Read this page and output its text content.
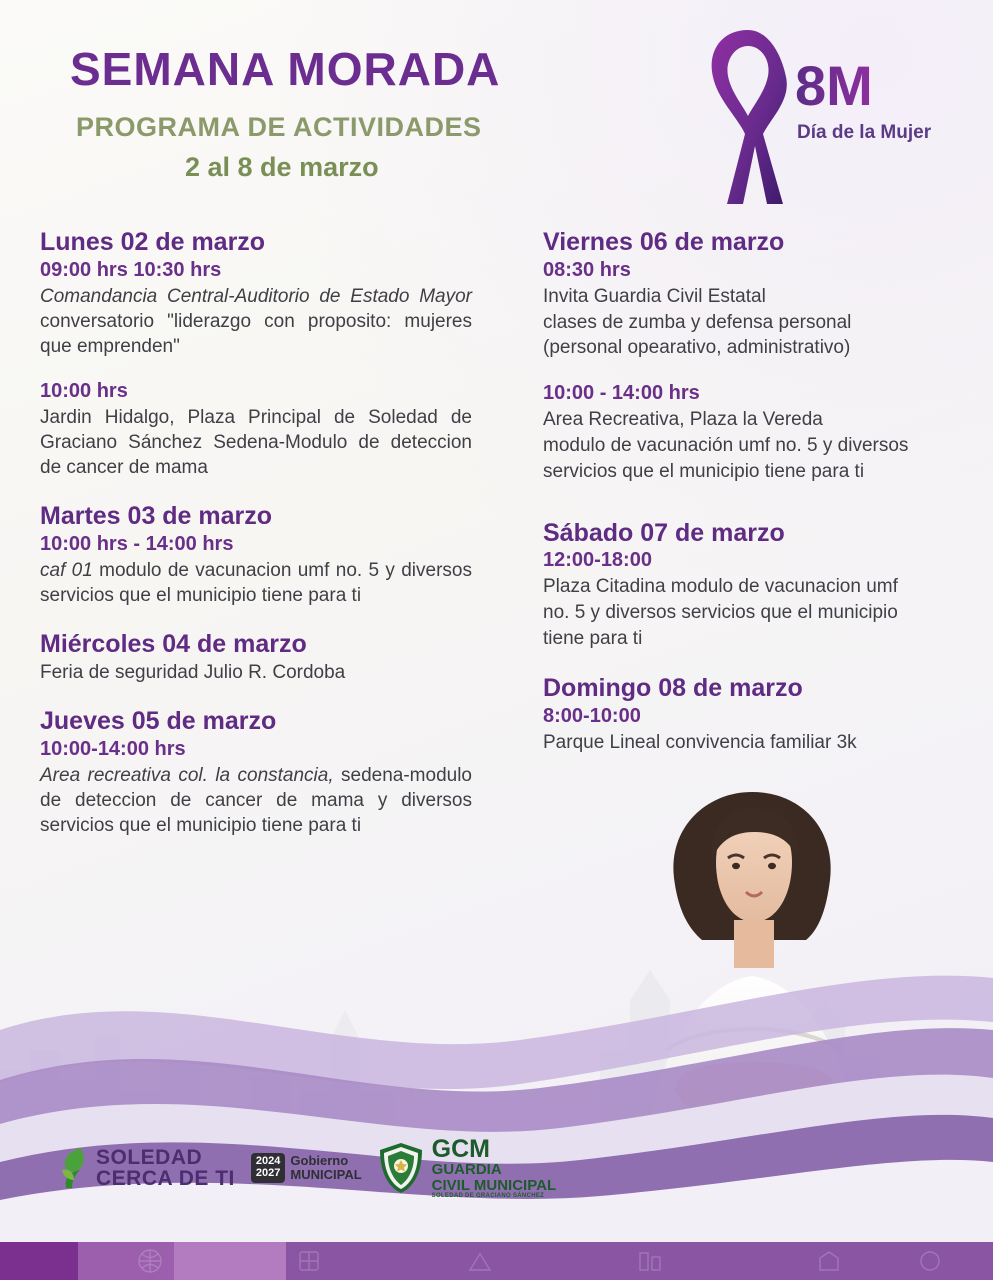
SEMANA MORADA
PROGRAMA DE ACTIVIDADES
2 al 8 de marzo
8M
Día de la Mujer
Lunes 02 de marzo
09:00 hrs 10:30 hrs

Comandancia Central-Auditorio de Estado Mayor conversatorio "liderazgo con proposito: mujeres que emprenden"

10:00 hrs

Jardin Hidalgo, Plaza Principal de Soledad de Graciano Sánchez Sedena-Modulo de deteccion de cancer de mama

Martes 03 de marzo
10:00 hrs - 14:00 hrs

caf 01 modulo de vacunacion umf no. 5 y diversos servicios que el municipio tiene para ti

Miércoles 04 de marzo

Feria de seguridad Julio R. Cordoba

Jueves 05 de marzo
10:00-14:00 hrs

Area recreativa col. la constancia, sedena-modulo de deteccion de cancer de mama y diversos servicios que el municipio tiene para ti

Viernes 06 de marzo
08:30 hrs
Invita Guardia Civil Estatal
clases de zumba y defensa personal
(personal opearativo, administrativo)
10:00 - 14:00 hrs
Area Recreativa, Plaza la Vereda
modulo de vacunación umf no. 5 y diversos
servicios que el municipio tiene para ti
Sábado 07 de marzo
12:00-18:00
Plaza Citadina modulo de vacunacion umf
no. 5 y diversos servicios que el municipio
tiene para ti
Domingo 08 de marzo
8:00-10:00
Parque Lineal convivencia familiar 3k
SOLEDAD
CERCA DE TI
2024
2027
Gobierno
MUNICIPAL
GCM
GUARDIA
CIVIL MUNICIPAL
SOLEDAD DE GRACIANO SÁNCHEZ
